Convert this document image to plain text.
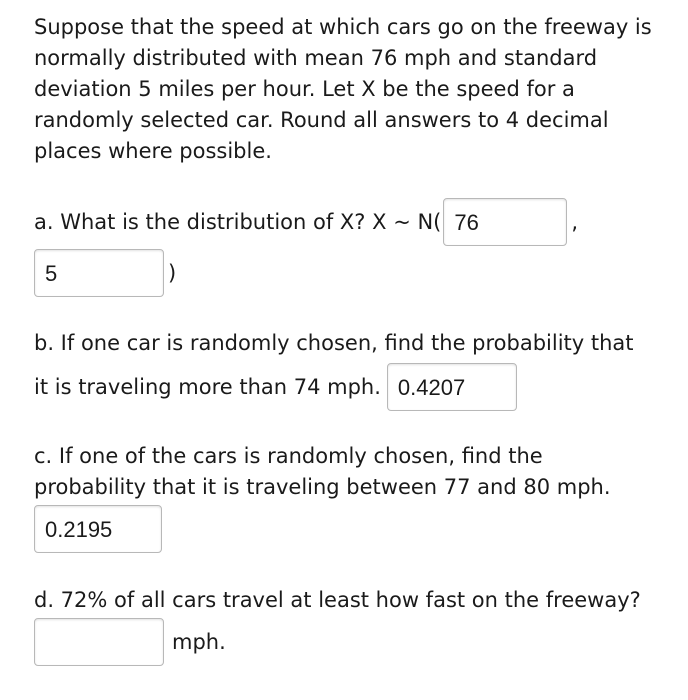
Suppose that the speed at which cars go on the freeway is normally distributed with mean 76 mph and standard deviation 5 miles per hour. Let X be the speed for a randomly selected car. Round all answers to 4 decimal places where possible.

a. What is the distribution of X? X ~ N( 76	,
5	)

b. If one car is randomly chosen, find the probability that

it is traveling more than 74 mph. 0.4207

c. If one of the cars is randomly chosen, find the probability that it is traveling between 77 and 80 mph.

0.2195

d. 72% of all cars travel at least how fast on the freeway?

mph.
